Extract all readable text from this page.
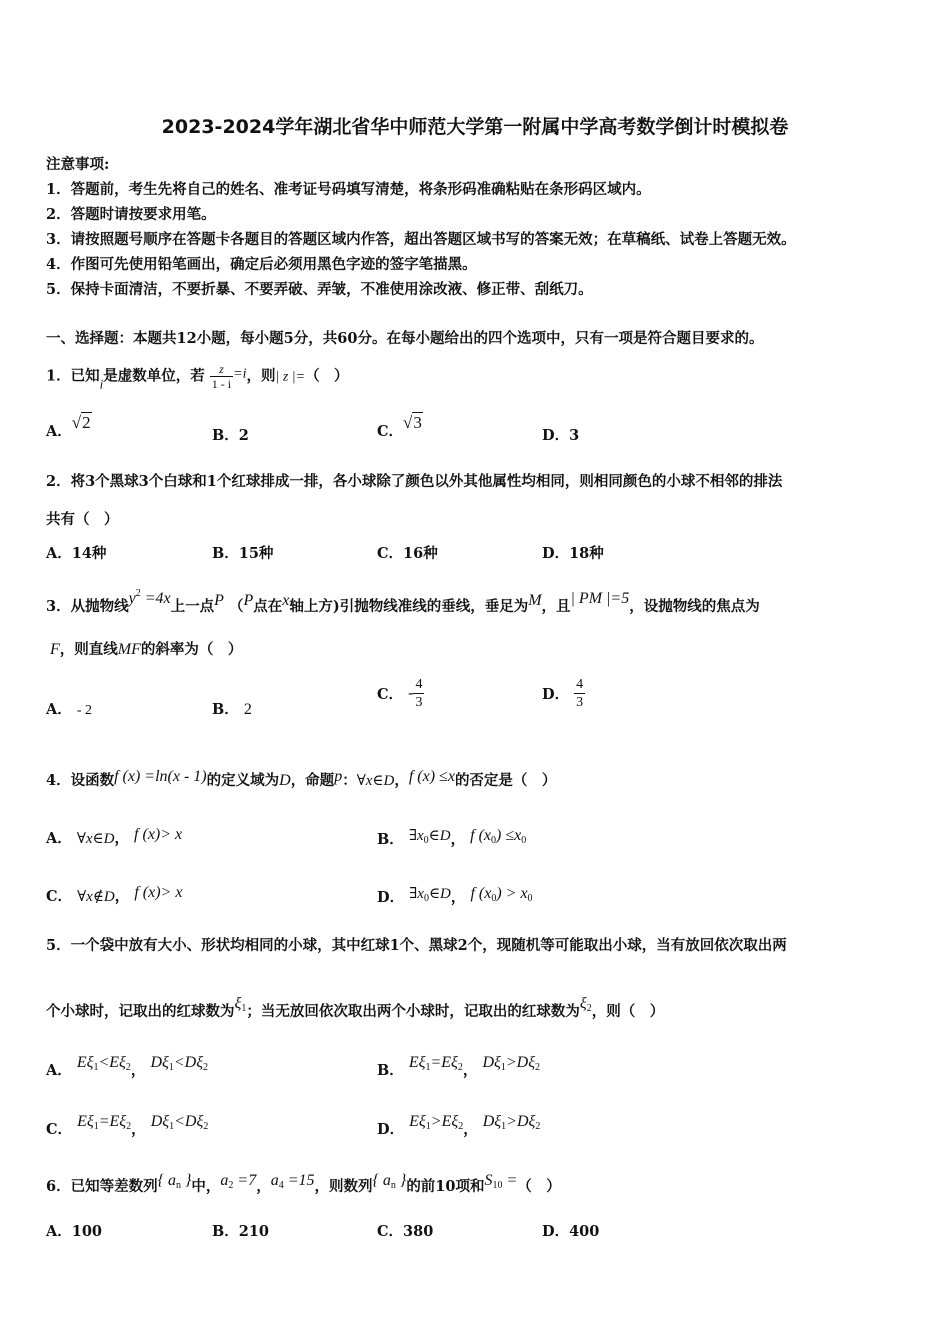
2023-2024学年湖北省华中师范大学第一附属中学高考数学倒计时模拟卷
注意事项:
1．答题前，考生先将自己的姓名、准考证号码填写清楚，将条形码准确粘贴在条形码区域内。
2．答题时请按要求用笔。
3．请按照题号顺序在答题卡各题目的答题区域内作答，超出答题区域书写的答案无效；在草稿纸、试卷上答题无效。
4．作图可先使用铅笔画出，确定后必须用黑色字迹的签字笔描黑。
5．保持卡面清洁，不要折暴、不要弄破、弄皱，不准使用涂改液、修正带、刮纸刀。
一、选择题：本题共12小题，每小题5分，共60分。在每小题给出的四个选项中，只有一项是符合题目要求的。
1．已知i是虚数单位，若 $\frac{z}{1 - i} =i$，则| z |=（　）
A．√2
B．2	C．√3
D．3
2．将3个黑球3个白球和1个红球排成一排，各小球除了颜色以外其他属性均相同，则相同颜色的小球不相邻的排法
共有（　）
A．14种	B．15种	C．16种	D．18种
3．从抛物线$y^2 =4x$上一点P （P点在x轴上方)引抛物线准线的垂线，垂足为M，且| PM |=5，设抛物线的焦点为
F，则直线MF的斜率为（　）
A． - 2	B． 2
C． - $\frac{4}{3}$	D． $\frac{4}{3}$
4．设函数f (x) =ln(x - 1)的定义域为D，命题p：∀x∈D，f (x) ≤x的否定是（　）
A． ∀x∈D， f (x)> x	B． $\exists x_0\in D$， f $(x_0) \le x_0$
C． ∀x∉D， f (x)> x	D． $\exists x_0\in D$， f $(x_0) > x_0$
5．一个袋中放有大小、形状均相同的小球，其中红球1个、黑球2个，现随机等可能取出小球，当有放回依次取出两
个小球时，记取出的红球数为$\xi_1$；当无放回依次取出两个小球时，记取出的红球数为$\xi_2$，则（　）
A． $E\xi_1<E\xi_2$， $D\xi_1<D\xi_2$	B． $E\xi_1=E\xi_2$， $D\xi_1>D\xi_2$
C． $E\xi_1=E\xi_2$， $D\xi_1<D\xi_2$	D． $E\xi_1>E\xi_2$， $D\xi_1>D\xi_2$
6．已知等差数列{ $a_n$ }中，$a_2 =7$，$a_4 =15$，则数列{ $a_n$ }的前10项和$S_{10}$ =（　）
A．100	B．210	C．380	D．400
